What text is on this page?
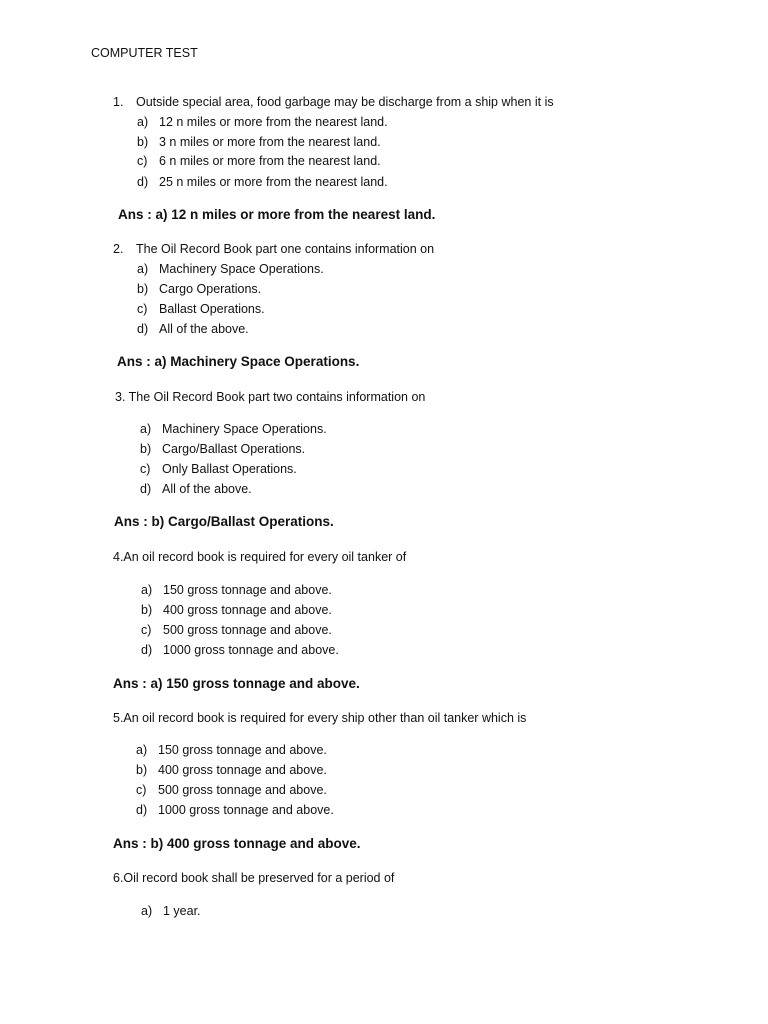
COMPUTER TEST
1. Outside special area, food garbage may be discharge from a ship when it is
a) 12 n miles or more from the nearest land.
b) 3 n miles or more from the nearest land.
c) 6 n miles or more from the nearest land.
d) 25 n miles or more from the nearest land.
Ans : a) 12 n miles or more from the nearest land.
2. The Oil Record Book part one contains information on
a) Machinery Space Operations.
b) Cargo Operations.
c) Ballast Operations.
d) All of the above.
Ans : a) Machinery Space Operations.
3. The Oil Record Book part two contains information on
a) Machinery Space Operations.
b) Cargo/Ballast Operations.
c) Only Ballast Operations.
d) All of the above.
Ans : b) Cargo/Ballast Operations.
4.An oil record book is required for every oil tanker of
a) 150 gross tonnage and above.
b) 400 gross tonnage and above.
c) 500 gross tonnage and above.
d) 1000 gross tonnage and above.
Ans : a) 150 gross tonnage and above.
5.An oil record book is required for every ship other than oil tanker which is
a) 150 gross tonnage and above.
b) 400 gross tonnage and above.
c) 500 gross tonnage and above.
d) 1000 gross tonnage and above.
Ans : b) 400 gross tonnage and above.
6.Oil record book shall be preserved for a period of
a) 1 year.
